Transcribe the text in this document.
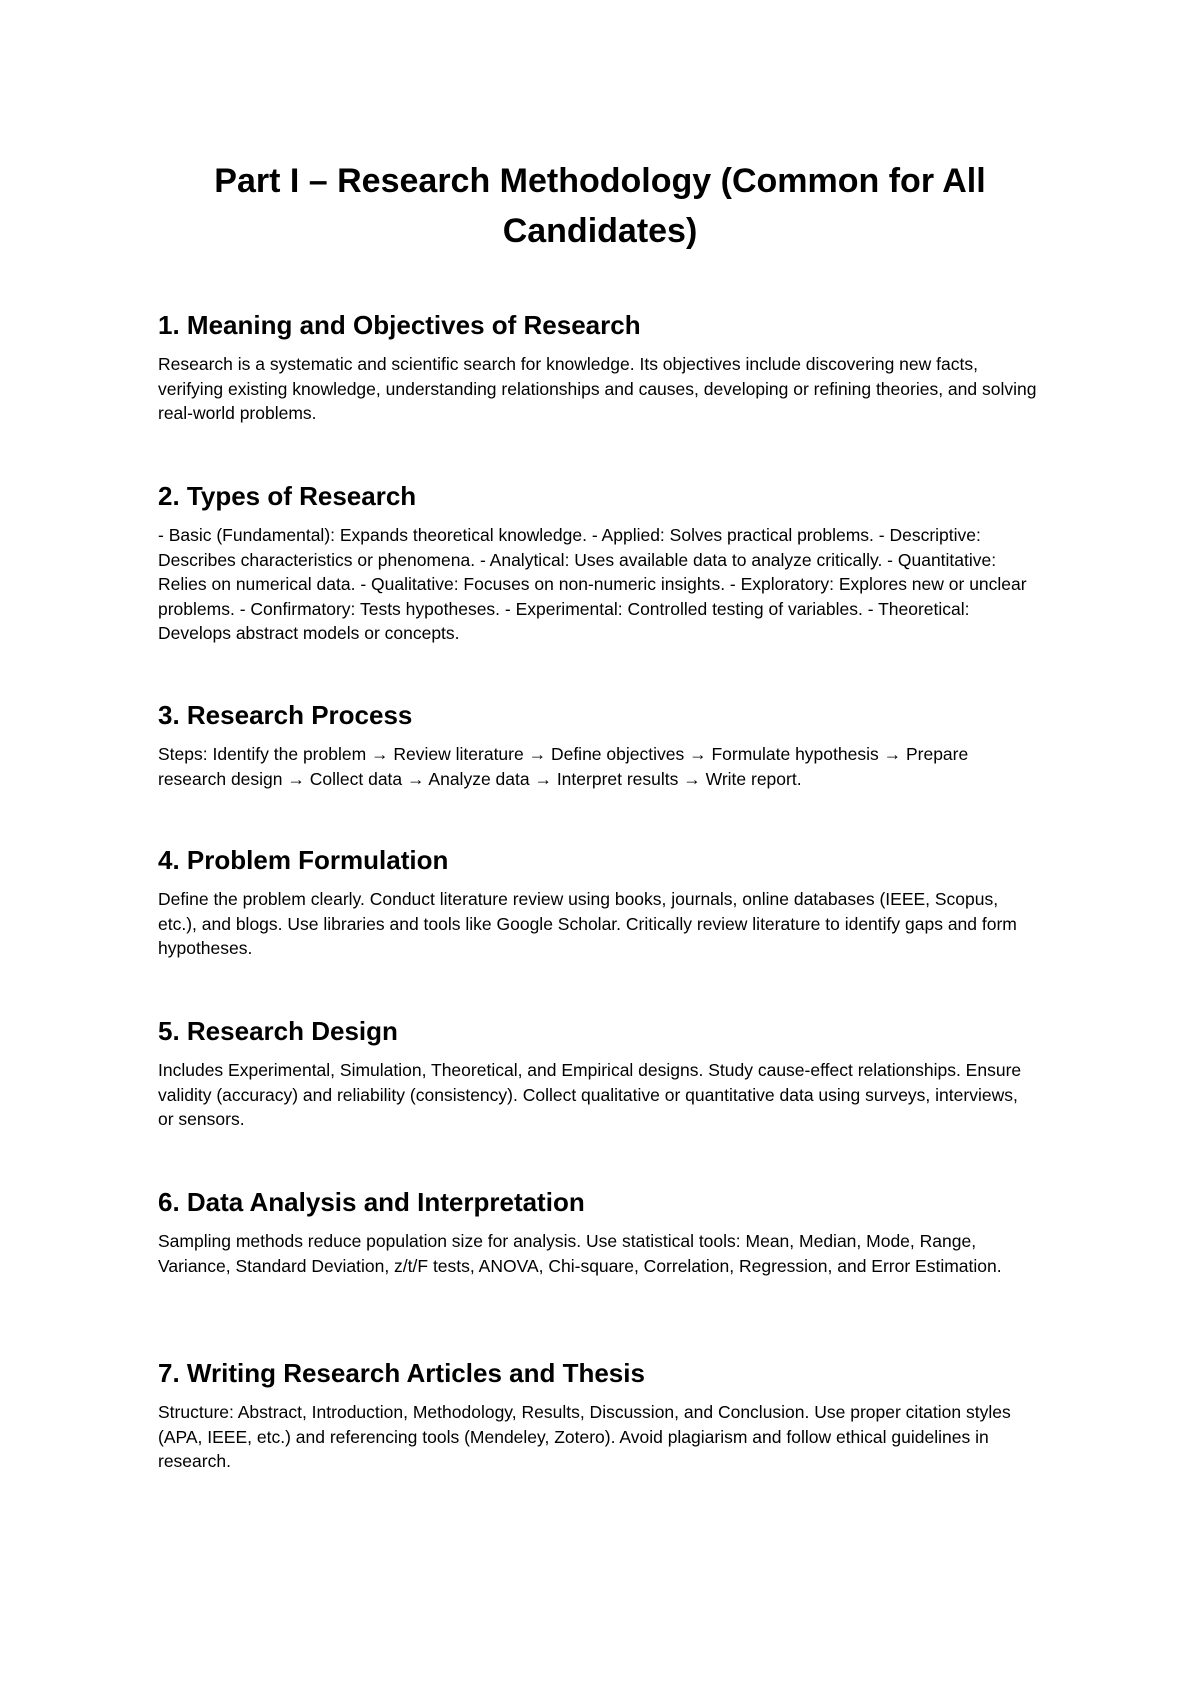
Part I – Research Methodology (Common for All Candidates)
1. Meaning and Objectives of Research

Research is a systematic and scientific search for knowledge. Its objectives include discovering new facts, verifying existing knowledge, understanding relationships and causes, developing or refining theories, and solving real-world problems.

2. Types of Research

- Basic (Fundamental): Expands theoretical knowledge. - Applied: Solves practical problems. - Descriptive: Describes characteristics or phenomena. - Analytical: Uses available data to analyze critically. - Quantitative: Relies on numerical data. - Qualitative: Focuses on non-numeric insights. - Exploratory: Explores new or unclear problems. - Confirmatory: Tests hypotheses. - Experimental: Controlled testing of variables. - Theoretical: Develops abstract models or concepts.

3. Research Process

Steps: Identify the problem → Review literature → Define objectives → Formulate hypothesis → Prepare research design → Collect data → Analyze data → Interpret results → Write report.

4. Problem Formulation

Define the problem clearly. Conduct literature review using books, journals, online databases (IEEE, Scopus, etc.), and blogs. Use libraries and tools like Google Scholar. Critically review literature to identify gaps and form hypotheses.

5. Research Design

Includes Experimental, Simulation, Theoretical, and Empirical designs. Study cause-effect relationships. Ensure validity (accuracy) and reliability (consistency). Collect qualitative or quantitative data using surveys, interviews, or sensors.

6. Data Analysis and Interpretation

Sampling methods reduce population size for analysis. Use statistical tools: Mean, Median, Mode, Range, Variance, Standard Deviation, z/t/F tests, ANOVA, Chi-square, Correlation, Regression, and Error Estimation.

7. Writing Research Articles and Thesis

Structure: Abstract, Introduction, Methodology, Results, Discussion, and Conclusion. Use proper citation styles (APA, IEEE, etc.) and referencing tools (Mendeley, Zotero). Avoid plagiarism and follow ethical guidelines in research.
